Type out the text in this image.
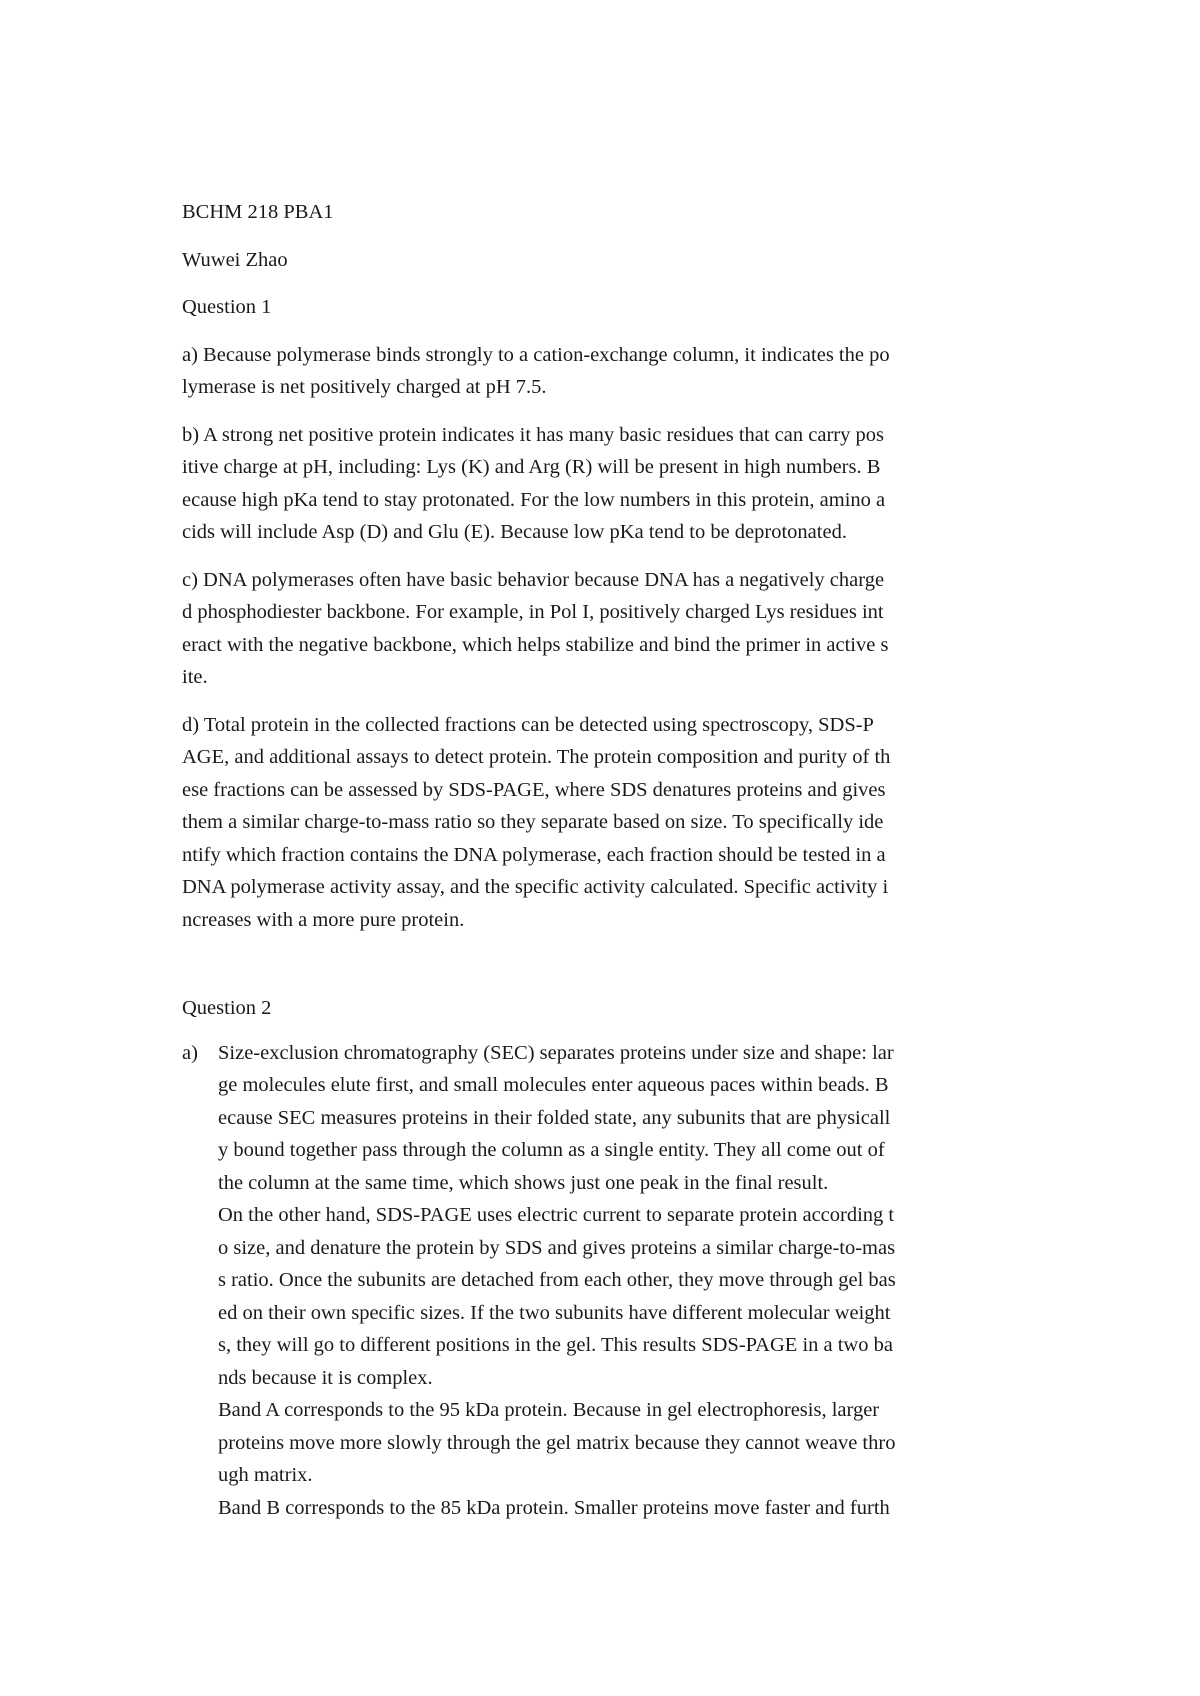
BCHM 218 PBA1
Wuwei Zhao
Question 1
a) Because polymerase binds strongly to a cation-exchange column, it indicates the po
lymerase is net positively charged at pH 7.5.
b) A strong net positive protein indicates it has many basic residues that can carry pos
itive charge at pH, including: Lys (K) and Arg (R) will be present in high numbers. B
ecause high pKa tend to stay protonated. For the low numbers in this protein, amino a
cids will include Asp (D) and Glu (E). Because low pKa tend to be deprotonated.
c) DNA polymerases often have basic behavior because DNA has a negatively charge
d phosphodiester backbone. For example, in Pol I, positively charged Lys residues int
eract with the negative backbone, which helps stabilize and bind the primer in active s
ite.
d) Total protein in the collected fractions can be detected using spectroscopy, SDS-P
AGE, and additional assays to detect protein. The protein composition and purity of th
ese fractions can be assessed by SDS-PAGE, where SDS denatures proteins and gives
them a similar charge-to-mass ratio so they separate based on size. To specifically ide
ntify which fraction contains the DNA polymerase, each fraction should be tested in a
DNA polymerase activity assay, and the specific activity calculated. Specific activity i
ncreases with a more pure protein.
Question 2
a) Size-exclusion chromatography (SEC) separates proteins under size and shape: lar
ge molecules elute first, and small molecules enter aqueous paces within beads. B
ecause SEC measures proteins in their folded state, any subunits that are physicall
y bound together pass through the column as a single entity. They all come out of
the column at the same time, which shows just one peak in the final result.
On the other hand, SDS-PAGE uses electric current to separate protein according t
o size, and denature the protein by SDS and gives proteins a similar charge-to-mas
s ratio. Once the subunits are detached from each other, they move through gel bas
ed on their own specific sizes. If the two subunits have different molecular weight
s, they will go to different positions in the gel. This results SDS-PAGE in a two ba
nds because it is complex.
Band A corresponds to the 95 kDa protein. Because in gel electrophoresis, larger
proteins move more slowly through the gel matrix because they cannot weave thro
ugh matrix.
Band B corresponds to the 85 kDa protein. Smaller proteins move faster and furth
